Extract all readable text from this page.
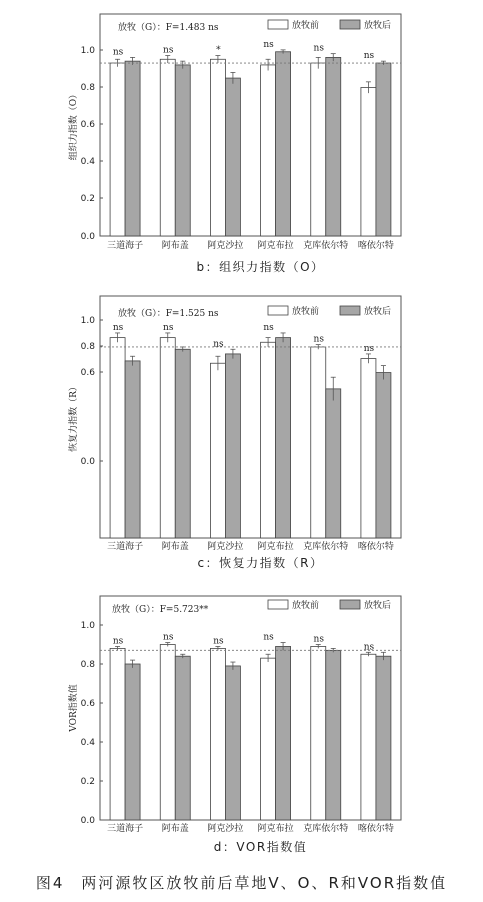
0.0
0.2
0.4
0.6
0.8
1.0
组织力指数（O）
ns
三道海子
ns
阿布盖
*
阿克沙拉
ns
阿克布拉
ns
克库依尔特
ns
喀依尔特
放牧（G）：F=1.483 ns	放牧前	放牧后
b：组织力指数（O）
0.0
0.6
0.8
1.0
恢复力指数（R）
ns
三道海子
ns
阿布盖
ns
阿克沙拉
ns
阿克布拉
ns
克库依尔特
ns
喀依尔特
放牧（G）：F=1.525 ns	放牧前	放牧后
c：恢复力指数（R）
0.0
0.2
0.4
0.6
0.8
1.0
VOR指数值
ns
三道海子
ns
阿布盖
ns
阿克沙拉
ns
阿克布拉
ns
克库依尔特
ns
喀依尔特
放牧（G）：F=5.723**	放牧前	放牧后
d：VOR指数值
图4　两河源牧区放牧前后草地V、O、R和VOR指数值
